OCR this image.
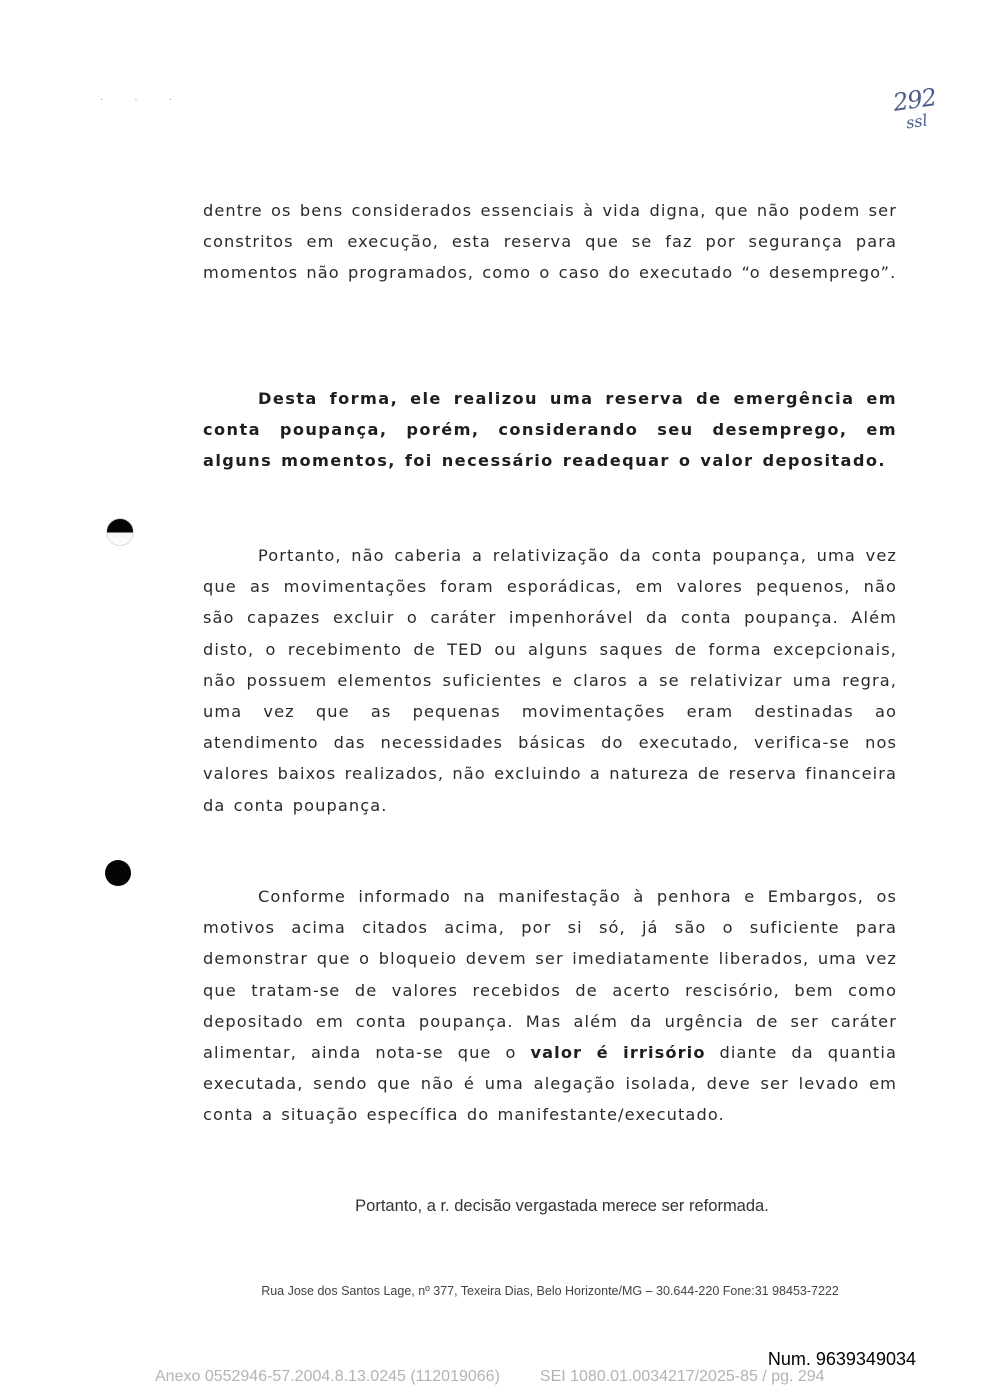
· · ·	292
ssl

dentre os bens considerados essenciais à vida digna, que não podem ser constritos em execução, esta reserva que se faz por segurança para momentos não programados, como o caso do executado “o desemprego”.

Desta forma, ele realizou uma reserva de emergência em conta poupança, porém, considerando seu desemprego, em alguns momentos, foi necessário readequar o valor depositado.

Portanto, não caberia a relativização da conta poupança, uma vez que as movimentações foram esporádicas, em valores pequenos, não são capazes excluir o caráter impenhorável da conta poupança. Além disto, o recebimento de TED ou alguns saques de forma excepcionais, não possuem elementos suficientes e claros a se relativizar uma regra, uma vez que as pequenas movimentações eram destinadas ao atendimento das necessidades básicas do executado, verifica-se nos valores baixos realizados, não excluindo a natureza de reserva financeira da conta poupança.

Conforme informado na manifestação à penhora e Embargos, os motivos acima citados acima, por si só, já são o suficiente para demonstrar que o bloqueio devem ser imediatamente liberados, uma vez que tratam-se de valores recebidos de acerto rescisório, bem como depositado em conta poupança. Mas além da urgência de ser caráter alimentar, ainda nota-se que o valor é irrisório diante da quantia executada, sendo que não é uma alegação isolada, deve ser levado em conta a situação específica do manifestante/executado.

Portanto, a r. decisão vergastada merece ser reformada.
Rua Jose dos Santos Lage, nº 377, Texeira Dias, Belo Horizonte/MG – 30.644-220 Fone:31 98453-7222
Num. 9639349034
Anexo 0552946-57.2004.8.13.0245 (112019066)	SEI 1080.01.0034217/2025-85 / pg. 294
